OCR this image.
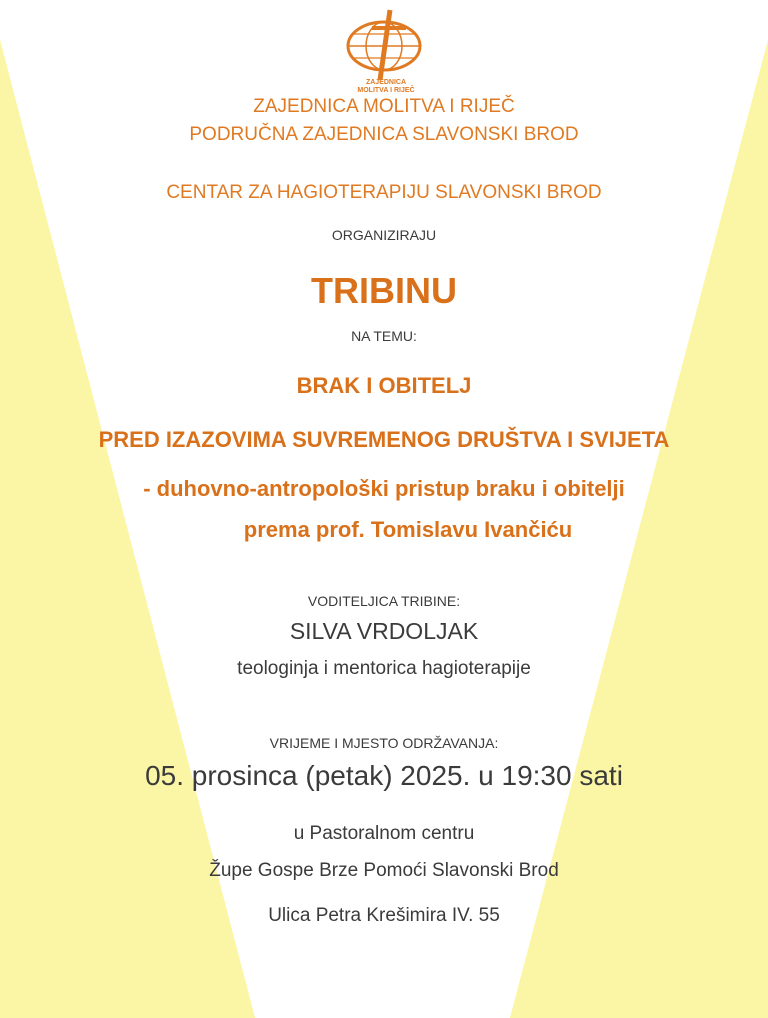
ZAJEDNICA
MOLITVA I RIJEČ
ZAJEDNICA MOLITVA I RIJEČ
PODRUČNA ZAJEDNICA SLAVONSKI BROD
CENTAR ZA HAGIOTERAPIJU SLAVONSKI BROD
ORGANIZIRAJU
TRIBINU
NA TEMU:
BRAK I OBITELJ
PRED IZAZOVIMA SUVREMENOG DRUŠTVA I SVIJETA
- duhovno-antropološki pristup braku i obitelji
prema prof. Tomislavu Ivančiću
VODITELJICA TRIBINE:
SILVA VRDOLJAK
teologinja i mentorica hagioterapije
VRIJEME I MJESTO ODRŽAVANJA:
05. prosinca (petak) 2025. u 19:30 sati
u Pastoralnom centru
Župe Gospe Brze Pomoći Slavonski Brod
Ulica Petra Krešimira IV. 55
